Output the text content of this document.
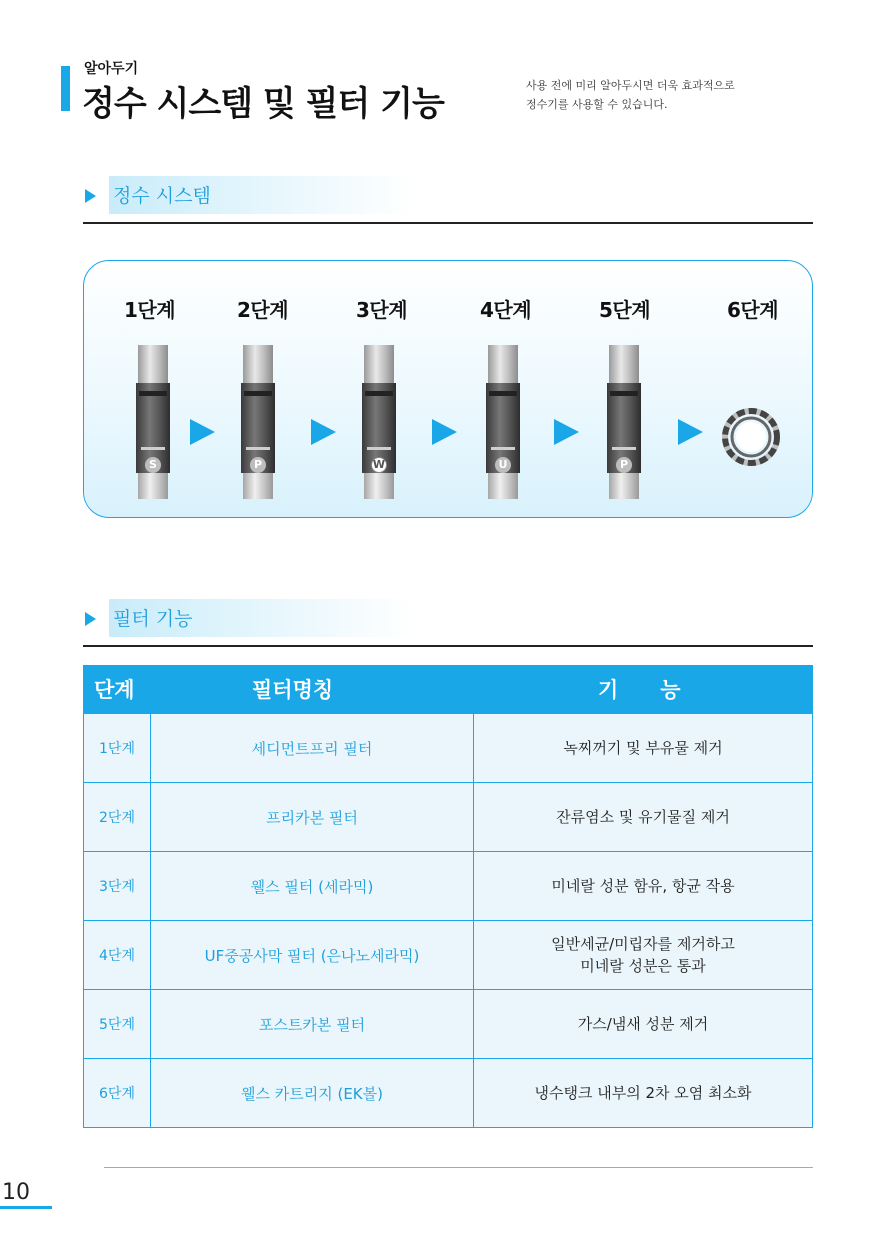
알아두기
정수 시스템 및 필터 기능	사용 전에 미리 알아두시면 더욱 효과적으로
정수기를 사용할 수 있습니다.
정수 시스템
1단계	2단계	3단계	4단계	5단계	6단계
S	P	W	U	P
필터 기능
단계	필터명칭	기　　능
1단계	세디먼트프리 필터	녹찌꺼기 및 부유물 제거
2단계	프리카본 필터	잔류염소 및 유기물질 제거
3단계	웰스 필터 (세라믹)	미네랄 성분 함유, 항균 작용
4단계	UF중공사막 필터 (은나노세라믹)
일반세균/미립자를 제거하고
미네랄 성분은 통과
5단계	포스트카본 필터	가스/냄새 성분 제거
6단계	웰스 카트리지 (EK볼)	냉수탱크 내부의 2차 오염 최소화
10
